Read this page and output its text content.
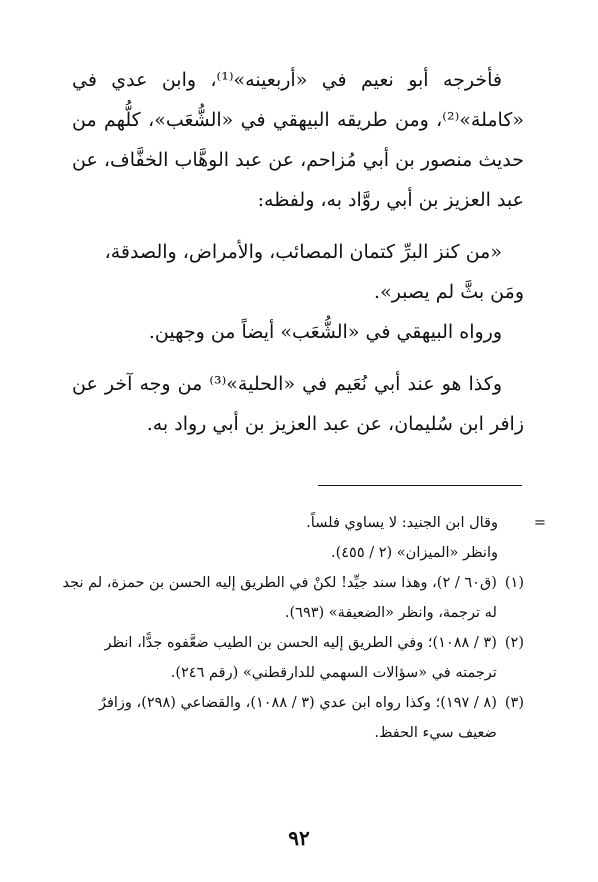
فأخرجه أبو نعيم في «أربعينه»⁽¹⁾، وابن عدي في «كاملة»⁽²⁾، ومن طريقه البيهقي في «الشُّعَب»، كلُّهم من حديث منصور بن أبي مُزاحم، عن عبد الوهَّاب الخفَّاف، عن عبد العزيز بن أبي روَّاد به، ولفظه:

«من كنز البرِّ كتمان المصائب، والأمراض، والصدقة،

ومَن بثَّ لم يصبر».

ورواه البيهقي في «الشُّعَب» أيضاً من وجهين.

وكذا هو عند أبي نُعَيم في «الحلية»⁽³⁾ من وجه آخر عن زافر ابن سُليمان، عن عبد العزيز بن أبي رواد به.

=

وقال ابن الجنيد: لا يساوي فلساً.

وانظر «الميزان» (٢ / ٤٥٥).

(١)

(ق٦٠ / ٢)، وهذا سند جيِّد! لكنْ في الطريق إليه الحسن بن حمزة، لم نجد له ترجمة، وانظر «الضعيفة» (٦٩٣).

(٢)

(٣ / ١٠٨٨)؛ وفي الطريق إليه الحسن بن الطيب ضعَّفوه جدًّا، انظر ترجمته في «سؤالات السهمي للدارقطني» (رقم ٢٤٦).

(٣)

(٨ / ١٩٧)؛ وكذا رواه ابن عدي (٣ / ١٠٨٨)، والقضاعي (٢٩٨)، وزافرٌ ضعيف سيء الحفظ.

٩٢
